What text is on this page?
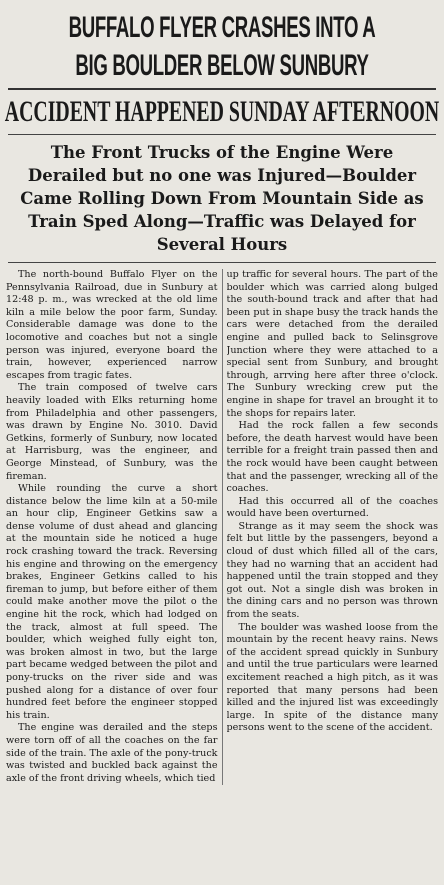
BUFFALO FLYER CRASHES INTO A
BIG BOULDER BELOW SUNBURY
ACCIDENT HAPPENED SUNDAY AFTERNOON
The Front Trucks of the Engine Were Derailed but no one was Injured—Boulder Came Rolling Down From Mountain Side as Train Sped Along—Traffic was Delayed for Several Hours

The north-bound Buffalo Flyer on the Pennsylvania Railroad, due in Sunbury at 12:48 p. m., was wrecked at the old lime kiln a mile below the poor farm, Sunday. Considerable damage was done to the locomotive and coaches but not a single person was injured, everyone board the train, however, experienced narrow escapes from tragic fates.

The train composed of twelve cars heavily loaded with Elks returning home from Philadelphia and other passengers, was drawn by Engine No. 3010. David Getkins, formerly of Sunbury, now located at Harrisburg, was the engineer, and George Minstead, of Sunbury, was the fireman.

While rounding the curve a short distance below the lime kiln at a 50-mile an hour clip, Engineer Getkins saw a dense volume of dust ahead and glancing at the mountain side he noticed a huge rock crashing toward the track. Reversing his engine and throwing on the emergency brakes, Engineer Getkins called to his fireman to jump, but before either of them could make another move the pilot o the engine hit the rock, which had lodged on the track, almost at full speed. The boulder, which weighed fully eight ton, was broken almost in two, but the large part became wedged between the pilot and pony-trucks on the river side and was pushed along for a distance of over four hundred feet before the engineer stopped his train.

The engine was derailed and the steps were torn off of all the coaches on the far side of the train. The axle of the pony-truck was twisted and buckled back against the axle of the front driving wheels, which tied

up traffic for several hours. The part of the boulder which was carried along bulged the south-bound track and after that had been put in shape busy the track hands the cars were detached from the derailed engine and pulled back to Selinsgrove Junction where they were attached to a special sent from Sunbury, and brought through, arrving here after three o'clock. The Sunbury wrecking crew put the engine in shape for travel an brought it to the shops for repairs later.

Had the rock fallen a few seconds before, the death harvest would have been terrible for a freight train passed then and the rock would have been caught between that and the passenger, wrecking all of the coaches.

Had this occurred all of the coaches would have been overturned.

Strange as it may seem the shock was felt but little by the passengers, beyond a cloud of dust which filled all of the cars, they had no warning that an accident had happened until the train stopped and they got out. Not a single dish was broken in the dining cars and no person was thrown from the seats.

The boulder was washed loose from the mountain by the recent heavy rains. News of the accident spread quickly in Sunbury and until the true particulars were learned excitement reached a high pitch, as it was reported that many persons had been killed and the injured list was exceedingly large. In spite of the distance many persons went to the scene of the accident.
